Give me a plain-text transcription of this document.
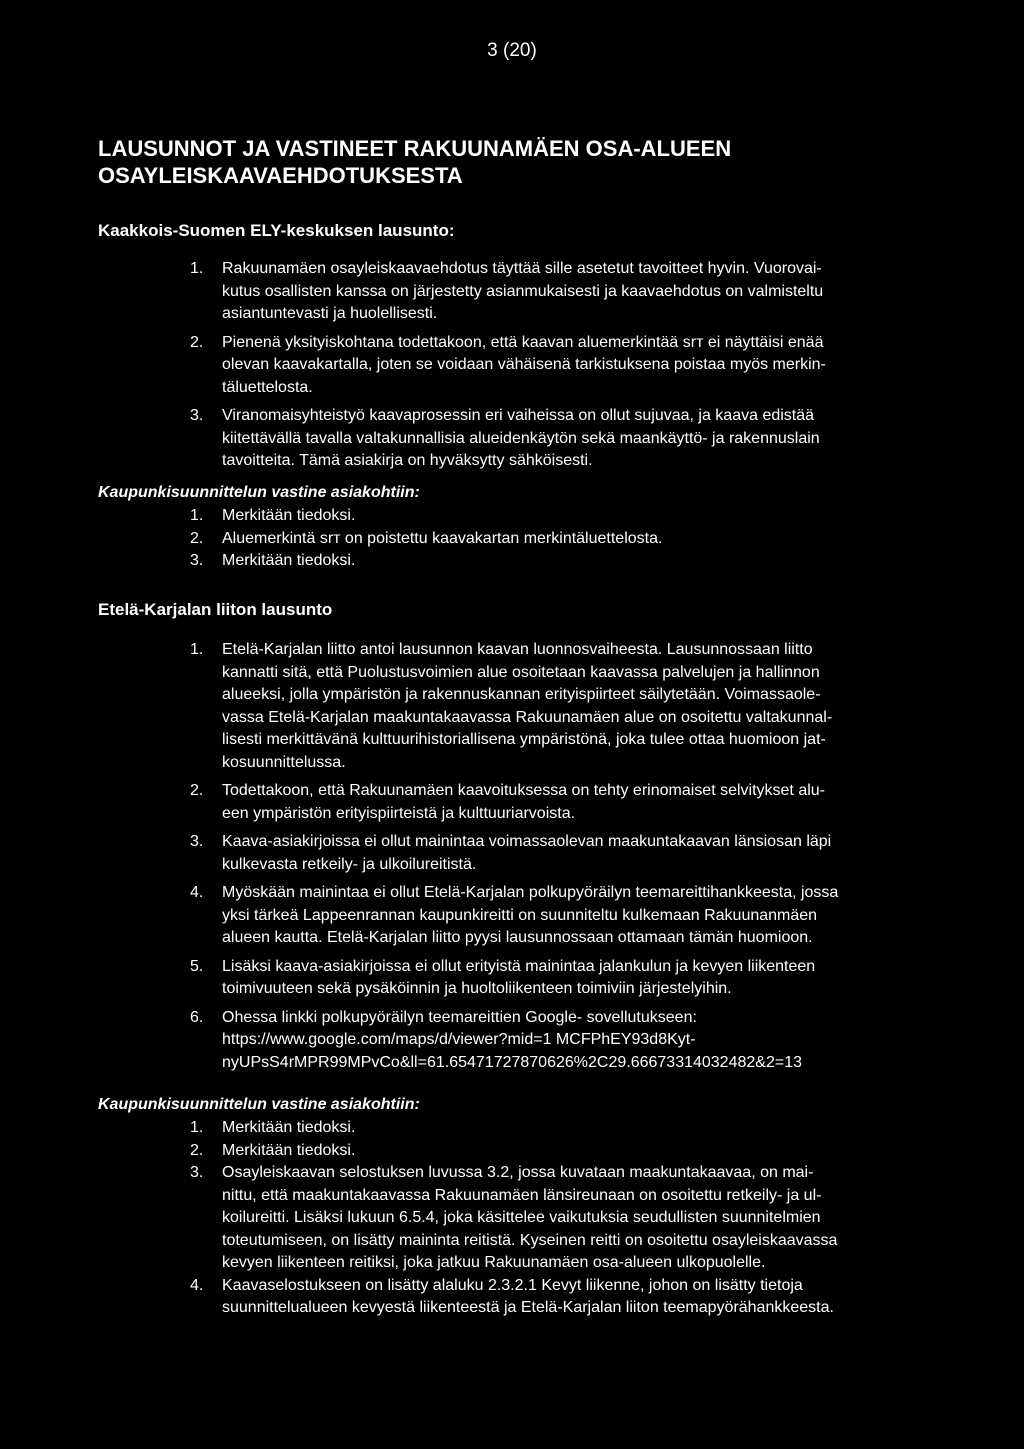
3 (20)
LAUSUNNOT JA VASTINEET RAKUUNAMÄEN OSA-ALUEEN
OSAYLEISKAAVAEHDOTUKSESTA
Kaakkois-Suomen ELY-keskuksen lausunto:
1.	Rakuunamäen osayleiskaavaehdotus täyttää sille asetetut tavoitteet hyvin. Vuorovai-
kutus osallisten kanssa on järjestetty asianmukaisesti ja kaavaehdotus on valmisteltu
asiantuntevasti ja huolellisesti.
2.	Pienenä yksityiskohtana todettakoon, että kaavan aluemerkintää srт ei näyttäisi enää
olevan kaavakartalla, joten se voidaan vähäisenä tarkistuksena poistaa myös merkin-
täluettelosta.
3.	Viranomaisyhteistyö kaavaprosessin eri vaiheissa on ollut sujuvaa, ja kaava edistää
kiitettävällä tavalla valtakunnallisia alueidenkäytön sekä maankäyttö- ja rakennuslain
tavoitteita. Tämä asiakirja on hyväksytty sähköisesti.
Kaupunkisuunnittelun vastine asiakohtiin:
1.	Merkitään tiedoksi.
2.	Aluemerkintä srт on poistettu kaavakartan merkintäluettelosta.
3.	Merkitään tiedoksi.
Etelä-Karjalan liiton lausunto
1.	Etelä-Karjalan liitto antoi lausunnon kaavan luonnosvaiheesta. Lausunnossaan liitto
kannatti sitä, että Puolustusvoimien alue osoitetaan kaavassa palvelujen ja hallinnon
alueeksi, jolla ympäristön ja rakennuskannan erityispiirteet säilytetään. Voimassaole-
vassa Etelä-Karjalan maakuntakaavassa Rakuunamäen alue on osoitettu valtakunnal-
lisesti merkittävänä kulttuurihistoriallisena ympäristönä, joka tulee ottaa huomioon jat-
kosuunnittelussa.
2.	Todettakoon, että Rakuunamäen kaavoituksessa on tehty erinomaiset selvitykset alu-
een ympäristön erityispiirteistä ja kulttuuriarvoista.
3.	Kaava-asiakirjoissa ei ollut mainintaa voimassaolevan maakuntakaavan länsiosan läpi
kulkevasta retkeily- ja ulkoilureitistä.
4.	Myöskään mainintaa ei ollut Etelä-Karjalan polkupyöräilyn teemareittihankkeesta, jossa
yksi tärkeä Lappeenrannan kaupunkireitti on suunniteltu kulkemaan Rakuunanmäen
alueen kautta. Etelä-Karjalan liitto pyysi lausunnossaan ottamaan tämän huomioon.
5.	Lisäksi kaava-asiakirjoissa ei ollut erityistä mainintaa jalankulun ja kevyen liikenteen
toimivuuteen sekä pysäköinnin ja huoltoliikenteen toimiviin järjestelyihin.
6.	Ohessa linkki polkupyöräilyn teemareittien Google- sovellutukseen:
https://www.google.com/maps/d/viewer?mid=1 MCFPhEY93d8Kyt-
nyUPsS4rMPR99MPvCo&ll=61.65471727870626%2C29.66673314032482&2=13
Kaupunkisuunnittelun vastine asiakohtiin:
1.	Merkitään tiedoksi.
2.	Merkitään tiedoksi.
3.	Osayleiskaavan selostuksen luvussa 3.2, jossa kuvataan maakuntakaavaa, on mai-
nittu, että maakuntakaavassa Rakuunamäen länsireunaan on osoitettu retkeily- ja ul-
koilureitti. Lisäksi lukuun 6.5.4, joka käsittelee vaikutuksia seudullisten suunnitelmien
toteutumiseen, on lisätty maininta reitistä. Kyseinen reitti on osoitettu osayleiskaavassa
kevyen liikenteen reitiksi, joka jatkuu Rakuunamäen osa-alueen ulkopuolelle.
4.	Kaavaselostukseen on lisätty alaluku 2.3.2.1 Kevyt liikenne, johon on lisätty tietoja
suunnittelualueen kevyestä liikenteestä ja Etelä-Karjalan liiton teemapyörähankkeesta.
